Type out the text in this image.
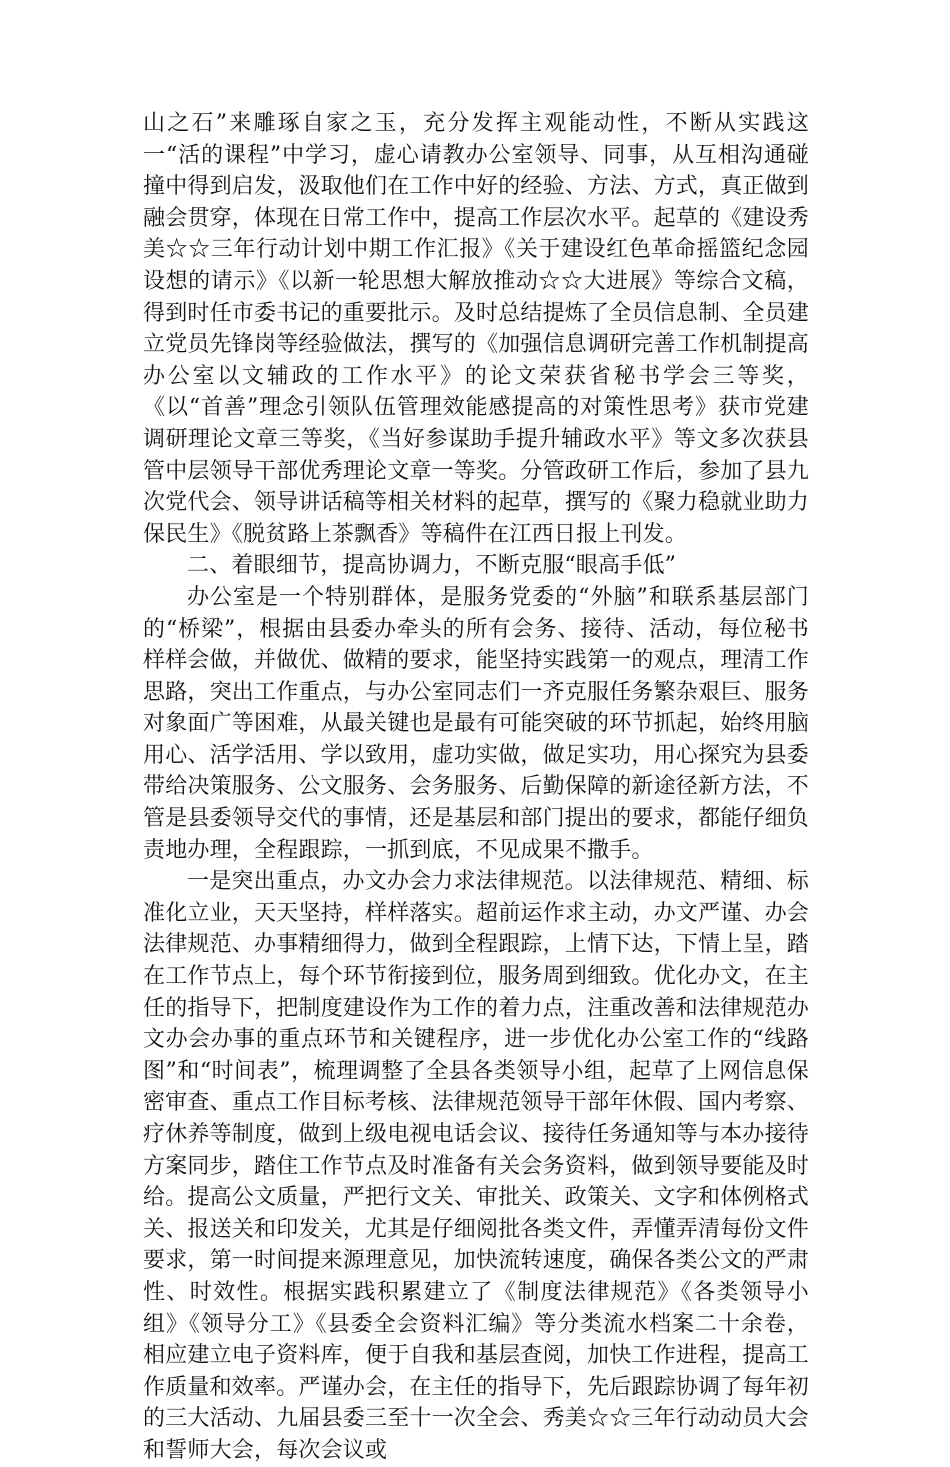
山之石”来雕琢自家之玉，充分发挥主观能动性，不断从实践这一“活的课程”中学习，虚心请教办公室领导、同事，从互相沟通碰撞中得到启发，汲取他们在工作中好的经验、方法、方式，真正做到融会贯穿，体现在日常工作中，提高工作层次水平。起草的《建设秀美☆☆三年行动计划中期工作汇报》《关于建设红色革命摇篮纪念园设想的请示》《以新一轮思想大解放推动☆☆大进展》等综合文稿，得到时任市委书记的重要批示。及时总结提炼了全员信息制、全员建立党员先锋岗等经验做法，撰写的《加强信息调研完善工作机制提高办公室以文辅政的工作水平》的论文荣获省秘书学会三等奖，《以“首善”理念引领队伍管理效能感提高的对策性思考》获市党建调研理论文章三等奖，《当好参谋助手提升辅政水平》等文多次获县管中层领导干部优秀理论文章一等奖。分管政研工作后，参加了县九次党代会、领导讲话稿等相关材料的起草，撰写的《聚力稳就业助力保民生》《脱贫路上茶飘香》等稿件在江西日报上刊发。

二、着眼细节，提高协调力，不断克服“眼高手低”

办公室是一个特别群体，是服务党委的“外脑”和联系基层部门的“桥梁”，根据由县委办牵头的所有会务、接待、活动，每位秘书样样会做，并做优、做精的要求，能坚持实践第一的观点，理清工作思路，突出工作重点，与办公室同志们一齐克服任务繁杂艰巨、服务对象面广等困难，从最关键也是最有可能突破的环节抓起，始终用脑用心、活学活用、学以致用，虚功实做，做足实功，用心探究为县委带给决策服务、公文服务、会务服务、后勤保障的新途径新方法，不管是县委领导交代的事情，还是基层和部门提出的要求，都能仔细负责地办理，全程跟踪，一抓到底，不见成果不撒手。

一是突出重点，办文办会力求法律规范。以法律规范、精细、标准化立业，天天坚持，样样落实。超前运作求主动，办文严谨、办会法律规范、办事精细得力，做到全程跟踪，上情下达，下情上呈，踏在工作节点上，每个环节衔接到位，服务周到细致。优化办文，在主任的指导下，把制度建设作为工作的着力点，注重改善和法律规范办文办会办事的重点环节和关键程序，进一步优化办公室工作的“线路图”和“时间表”，梳理调整了全县各类领导小组，起草了上网信息保密审查、重点工作目标考核、法律规范领导干部年休假、国内考察、疗休养等制度，做到上级电视电话会议、接待任务通知等与本办接待方案同步，踏住工作节点及时准备有关会务资料，做到领导要能及时给。提高公文质量，严把行文关、审批关、政策关、文字和体例格式关、报送关和印发关，尤其是仔细阅批各类文件，弄懂弄清每份文件要求，第一时间提来源理意见，加快流转速度，确保各类公文的严肃性、时效性。根据实践积累建立了《制度法律规范》《各类领导小组》《领导分工》《县委全会资料汇编》等分类流水档案二十余卷，相应建立电子资料库，便于自我和基层查阅，加快工作进程，提高工作质量和效率。严谨办会，在主任的指导下，先后跟踪协调了每年初的三大活动、九届县委三至十一次全会、秀美☆☆三年行动动员大会和誓师大会，每次会议或
